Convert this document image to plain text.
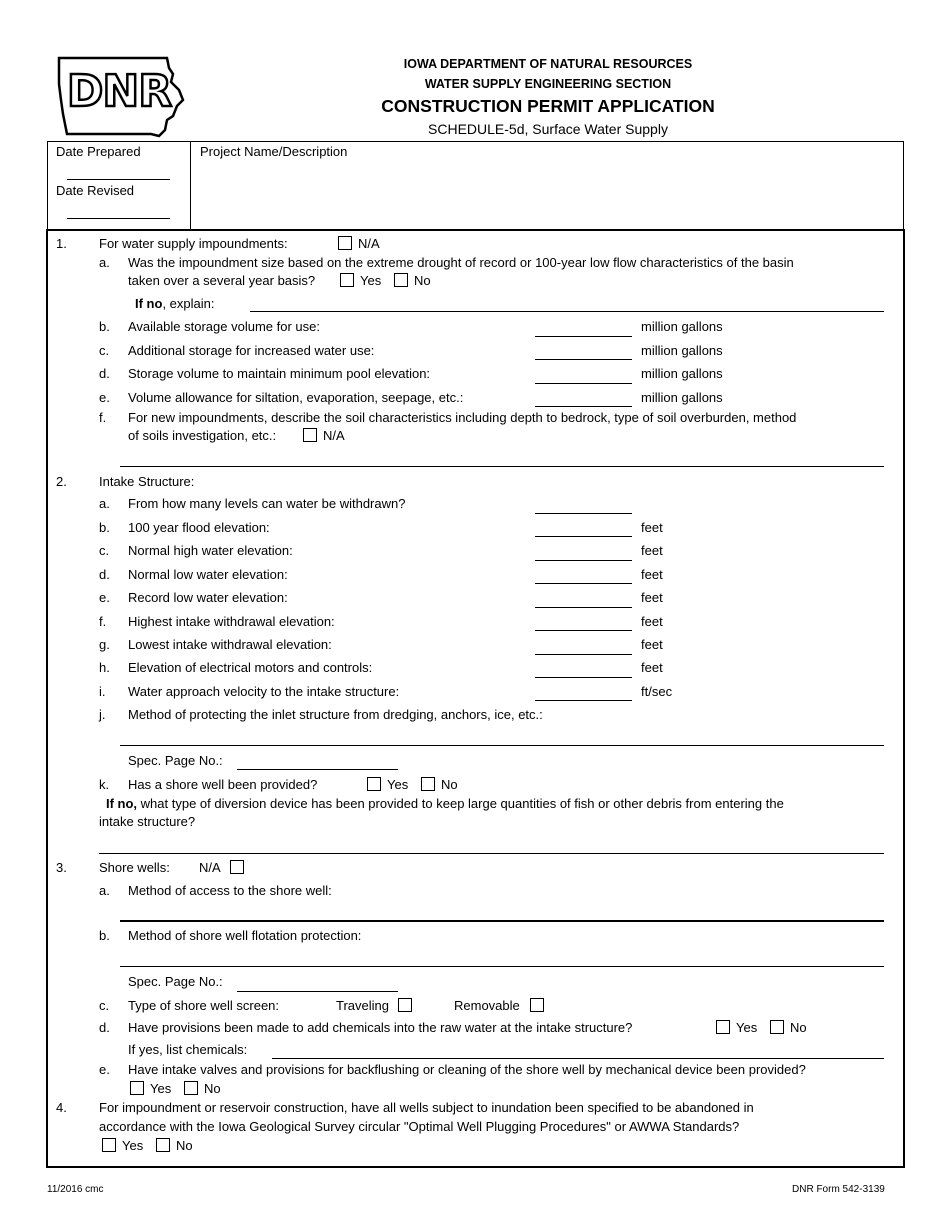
DNR
IOWA DEPARTMENT OF NATURAL RESOURCES
WATER SUPPLY ENGINEERING SECTION
CONSTRUCTION PERMIT APPLICATION
SCHEDULE-5d, Surface Water Supply
Date Prepared
Date Revised
Project Name/Description
1. For water supply impoundments:	N/A
a. Was the impoundment size based on the extreme drought of record or 100-year low flow characteristics of the basin
taken over a several year basis?	Yes	No
If no, explain:
b. Available storage volume for use:	million gallons
c. Additional storage for increased water use:	million gallons
d. Storage volume to maintain minimum pool elevation:	million gallons
e. Volume allowance for siltation, evaporation, seepage, etc.:	million gallons
f. For new impoundments, describe the soil characteristics including depth to bedrock, type of soil overburden, method
of soils investigation, etc.:	N/A
2. Intake Structure:
a. From how many levels can water be withdrawn?
b. 100 year flood elevation:	feet
c. Normal high water elevation:	feet
d. Normal low water elevation:	feet
e. Record low water elevation:	feet
f. Highest intake withdrawal elevation:	feet
g. Lowest intake withdrawal elevation:	feet
h. Elevation of electrical motors and controls:	feet
i. Water approach velocity to the intake structure:	ft/sec
j. Method of protecting the inlet structure from dredging, anchors, ice, etc.:
Spec. Page No.:
k. Has a shore well been provided?	Yes	No
If no, what type of diversion device has been provided to keep large quantities of fish or other debris from entering the
intake structure?
3. Shore wells: N/A
a. Method of access to the shore well:
b. Method of shore well flotation protection:
Spec. Page No.:
c. Type of shore well screen:	Traveling	Removable
d. Have provisions been made to add chemicals into the raw water at the intake structure?	Yes	No
If yes, list chemicals:
e. Have intake valves and provisions for backflushing or cleaning of the shore well by mechanical device been provided?
Yes	No
4. For impoundment or reservoir construction, have all wells subject to inundation been specified to be abandoned in
accordance with the Iowa Geological Survey circular "Optimal Well Plugging Procedures" or AWWA Standards?
Yes	No
11/2016 cmc	DNR Form 542-3139
